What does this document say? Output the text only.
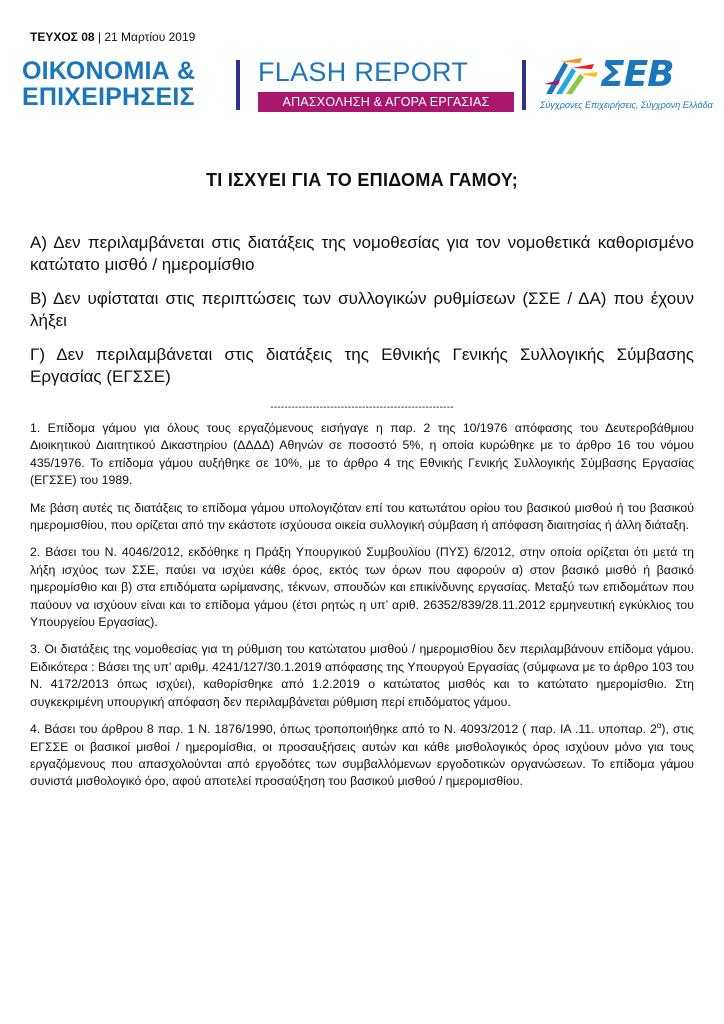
ΤΕΥΧΟΣ 08 | 21 Μαρτίου 2019
ΟΙΚΟΝΟΜΙΑ &
ΕΠΙΧΕΙΡΗΣΕΙΣ
FLASH REPORT
ΑΠΑΣΧΟΛΗΣΗ & ΑΓΟΡΑ ΕΡΓΑΣΙΑΣ
ΣΕΒ
Σύγχρονες Επιχειρήσεις, Σύγχρονη Ελλάδα
ΤΙ ΙΣΧΥΕΙ ΓΙΑ ΤΟ ΕΠΙΔΟΜΑ ΓΑΜΟΥ;

Α) Δεν περιλαμβάνεται στις διατάξεις της νομοθεσίας για τον νομοθετικά καθορισμένο κατώτατο μισθό / ημερομίσθιο

Β) Δεν υφίσταται στις περιπτώσεις των συλλογικών ρυθμίσεων (ΣΣΕ / ΔΑ) που έχουν λήξει

Γ) Δεν περιλαμβάνεται στις διατάξεις της Εθνικής Γενικής Συλλογικής Σύμβασης Εργασίας (ΕΓΣΣΕ)

----------------------------------------------------

1. Επίδομα γάμου για όλους τους εργαζόμενους εισήγαγε η παρ. 2 της 10/1976 απόφασης του Δευτεροβάθμιου Διοικητικού Διαιτητικού Δικαστηρίου (ΔΔΔΔ) Αθηνών σε ποσοστό 5%, η οποία κυρώθηκε με το άρθρο 16 του νόμου 435/1976. Το επίδομα γάμου αυξήθηκε σε 10%, με το άρθρο 4 της Εθνικής Γενικής Συλλογικής Σύμβασης Εργασίας (ΕΓΣΣΕ) του 1989.

Με βάση αυτές τις διατάξεις το επίδομα γάμου υπολογιζόταν επί του κατωτάτου ορίου του βασικού μισθού ή του βασικού ημερομισθίου, που ορίζεται από την εκάστοτε ισχύουσα οικεία συλλογική σύμβαση ή απόφαση διαιτησίας ή άλλη διάταξη.

2. Βάσει του Ν. 4046/2012, εκδόθηκε η Πράξη Υπουργικού Συμβουλίου (ΠΥΣ) 6/2012, στην οποία ορίζεται ότι μετά τη λήξη ισχύος των ΣΣΕ, παύει να ισχύει κάθε όρος, εκτός των όρων που αφορούν α) στον βασικό μισθό ή βασικό ημερομίσθιο και β) στα επιδόματα ωρίμανσης, τέκνων, σπουδών και επικίνδυνης εργασίας. Μεταξύ των επιδομάτων που παύουν να ισχύουν είναι και το επίδομα γάμου (έτσι ρητώς η υπ’ αριθ. 26352/839/28.11.2012 ερμηνευτική εγκύκλιος του Υπουργείου Εργασίας).

3. Οι διατάξεις της νομοθεσίας για τη ρύθμιση του κατώτατου μισθού / ημερομισθίου δεν περιλαμβάνουν επίδομα γάμου. Ειδικότερα : Βάσει της υπ’ αριθμ. 4241/127/30.1.2019 απόφασης της Υπουργού Εργασίας (σύμφωνα με το άρθρο 103 του Ν. 4172/2013 όπως ισχύει), καθορίσθηκε από 1.2.2019 ο κατώτατος μισθός και το κατώτατο ημερομίσθιο. Στη συγκεκριμένη υπουργική απόφαση δεν περιλαμβάνεται ρύθμιση περί επιδόματος γάμου.

4. Βάσει του άρθρου 8 παρ. 1 Ν. 1876/1990, όπως τροποποιήθηκε από το Ν. 4093/2012 ( παρ. ΙΑ .11. υποπαρ. $2^\alpha$), στις ΕΓΣΣΕ οι βασικοί μισθοί / ημερομίσθια, οι προσαυξήσεις αυτών και κάθε μισθολογικός όρος ισχύουν μόνο για τους εργαζόμενους που απασχολούνται από εργοδότες των συμβαλλόμενων εργοδοτικών οργανώσεων. Το επίδομα γάμου συνιστά μισθολογικό όρο, αφού αποτελεί προσαύξηση του βασικού μισθού / ημερομισθίου.
